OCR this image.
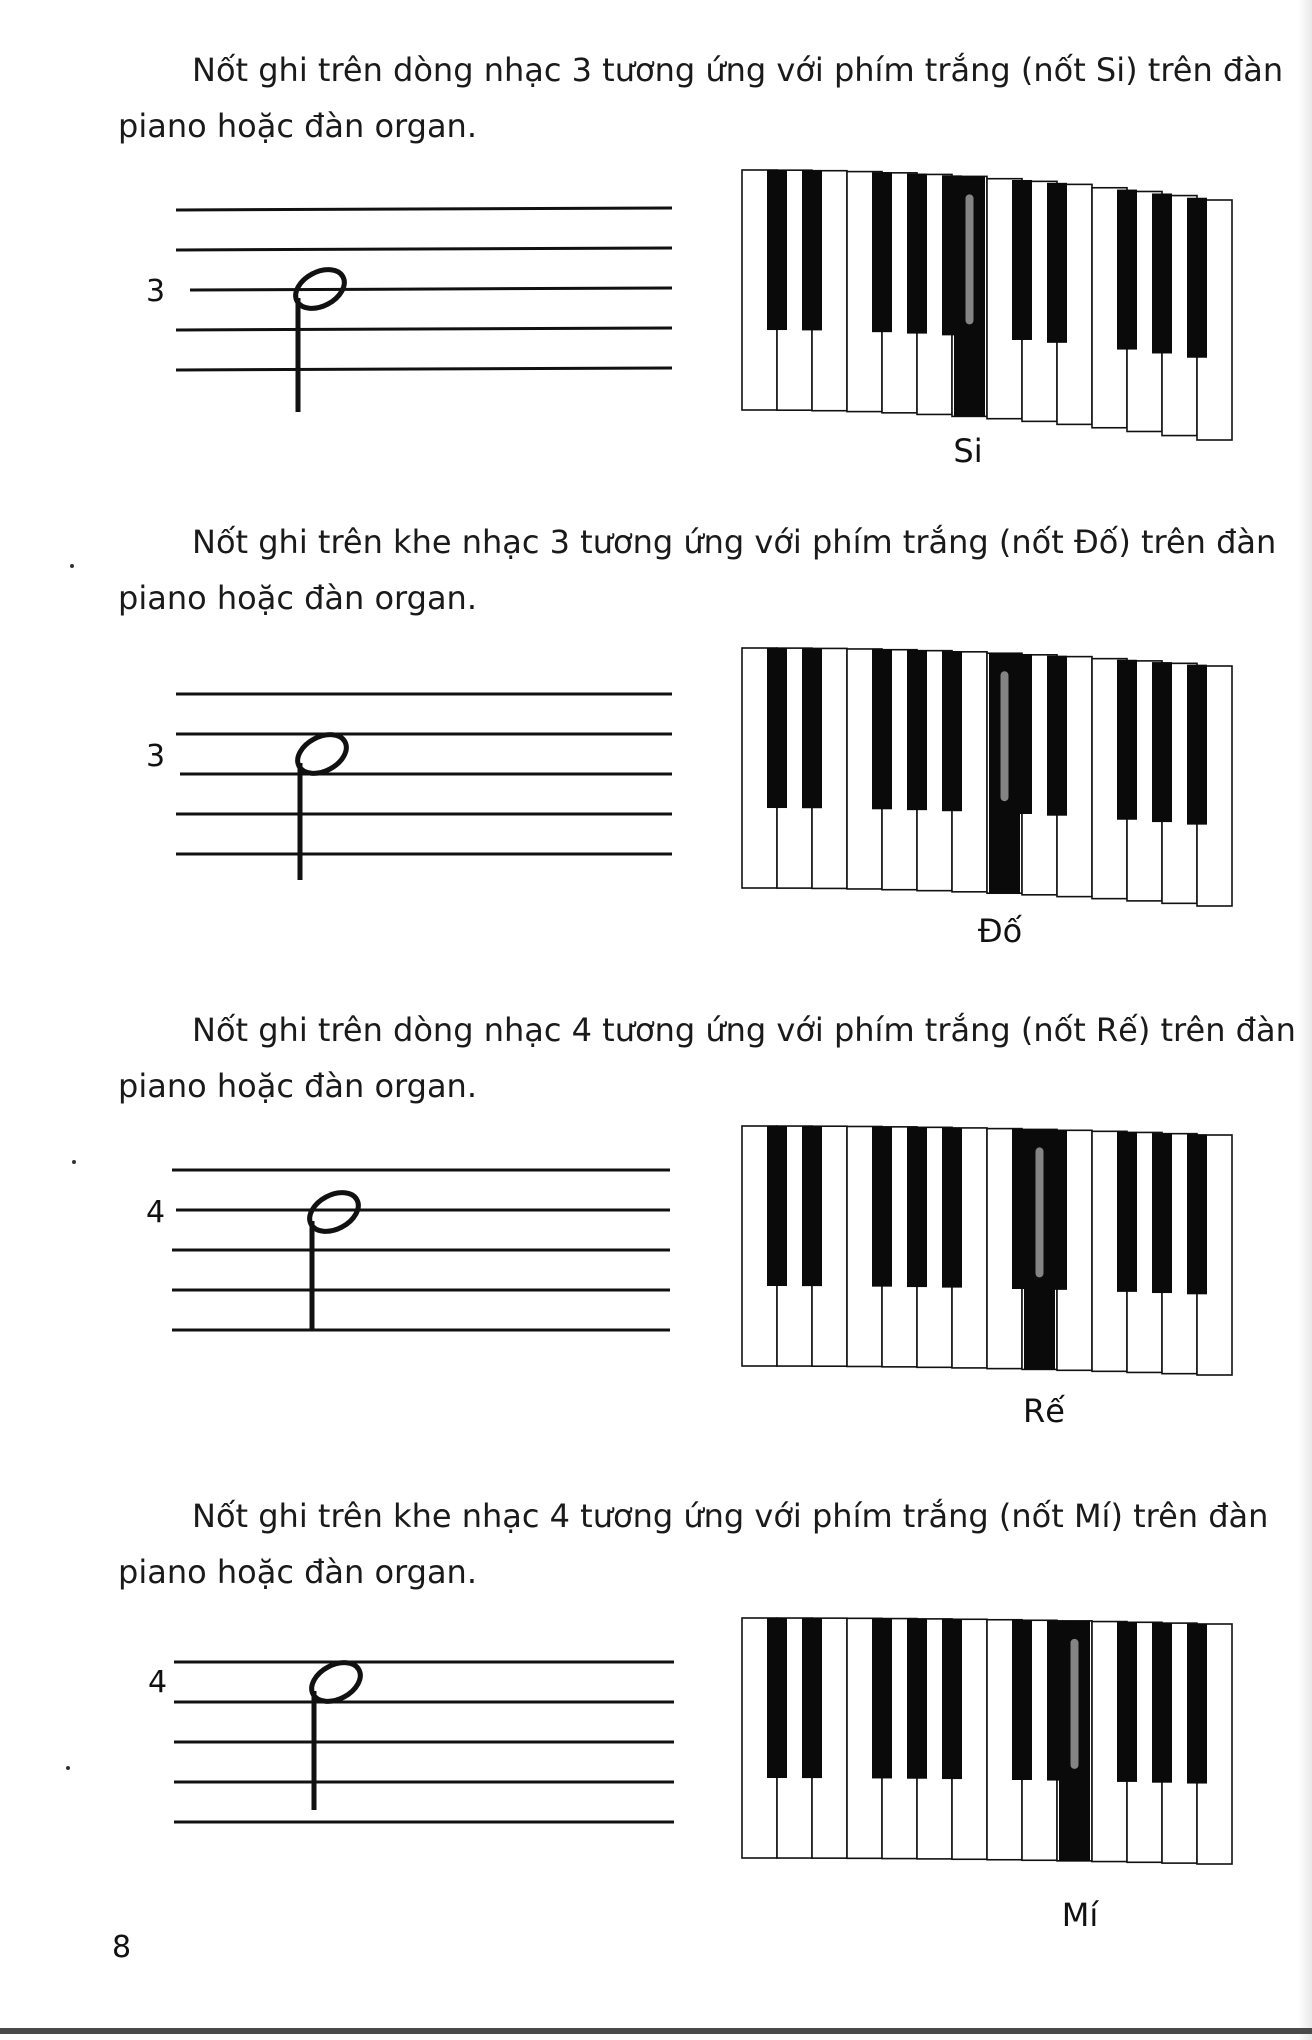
Nốt ghi trên dòng nhạc 3 tương ứng với phím trắng (nốt Si) trên đàn
piano hoặc đàn organ.
3
Si
Nốt ghi trên khe nhạc 3 tương ứng với phím trắng (nốt Đố) trên đàn
piano hoặc đàn organ.
3
Đố
Nốt ghi trên dòng nhạc 4 tương ứng với phím trắng (nốt Rế) trên đàn
piano hoặc đàn organ.
4
Rế
Nốt ghi trên khe nhạc 4 tương ứng với phím trắng (nốt Mí) trên đàn
piano hoặc đàn organ.
4
Mí
8
